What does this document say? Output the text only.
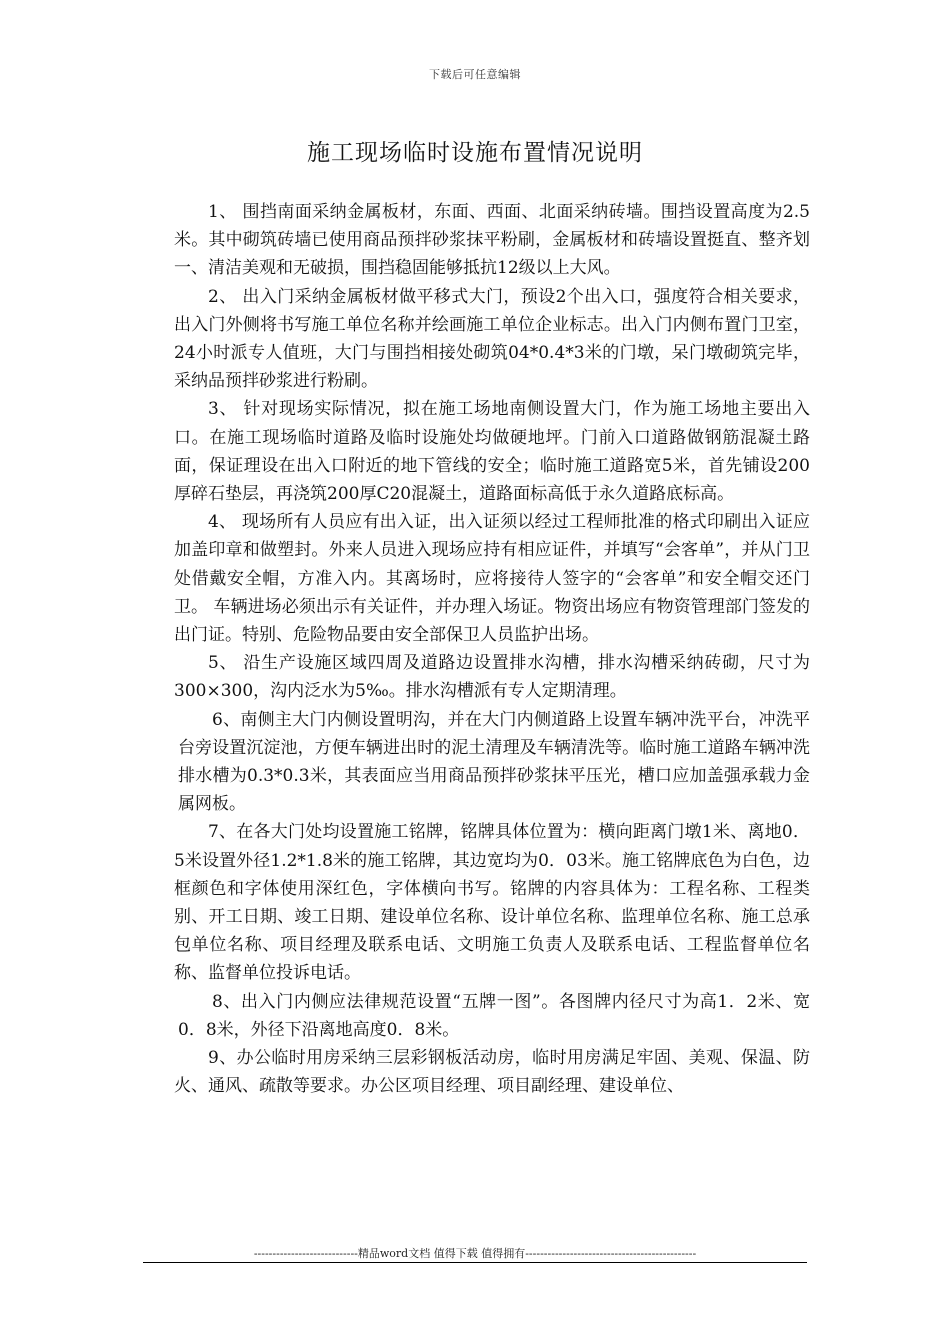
下载后可任意编辑
施工现场临时设施布置情况说明

1、 围挡南面采纳金属板材，东面、西面、北面采纳砖墙。围挡设置高度为2.5米。其中砌筑砖墙已使用商品预拌砂浆抹平粉刷，金属板材和砖墙设置挺直、整齐划一、清洁美观和无破损，围挡稳固能够抵抗12级以上大风。

2、 出入门采纳金属板材做平移式大门，预设2个出入口，强度符合相关要求，出入门外侧将书写施工单位名称并绘画施工单位企业标志。出入门内侧布置门卫室，24小时派专人值班，大门与围挡相接处砌筑04*0.4*3米的门墩，呆门墩砌筑完毕，采纳品预拌砂浆进行粉刷。

3、 针对现场实际情况，拟在施工场地南侧设置大门，作为施工场地主要出入口。在施工现场临时道路及临时设施处均做硬地坪。门前入口道路做钢筋混凝土路面，保证理设在出入口附近的地下管线的安全；临时施工道路宽5米，首先铺设200厚碎石垫层，再浇筑200厚C20混凝土，道路面标高低于永久道路底标高。

4、 现场所有人员应有出入证，出入证须以经过工程师批准的格式印刷出入证应加盖印章和做塑封。外来人员进入现场应持有相应证件，并填写“会客单”，并从门卫处借戴安全帽，方准入内。其离场时，应将接待人签字的“会客单”和安全帽交还门卫。 车辆进场必须出示有关证件，并办理入场证。物资出场应有物资管理部门签发的出门证。特别、危险物品要由安全部保卫人员监护出场。

5、 沿生产设施区域四周及道路边设置排水沟槽，排水沟槽采纳砖砌，尺寸为300×300，沟内泛水为5‰。排水沟槽派有专人定期清理。

6、南侧主大门内侧设置明沟，并在大门内侧道路上设置车辆冲洗平台，冲洗平台旁设置沉淀池，方便车辆进出时的泥土清理及车辆清洗等。临时施工道路车辆冲洗排水槽为0.3*0.3米，其表面应当用商品预拌砂浆抹平压光，槽口应加盖强承载力金属网板。

7、在各大门处均设置施工铭牌，铭牌具体位置为：横向距离门墩1米、离地0．5米设置外径1.2*1.8米的施工铭牌，其边宽均为0．03米。施工铭牌底色为白色，边框颜色和字体使用深红色，字体横向书写。铭牌的内容具体为：工程名称、工程类别、开工日期、竣工日期、建设单位名称、设计单位名称、监理单位名称、施工总承包单位名称、项目经理及联系电话、文明施工负责人及联系电话、工程监督单位名称、监督单位投诉电话。

8、出入门内侧应法律规范设置“五牌一图”。各图牌内径尺寸为高1．2米、宽0．8米，外径下沿离地高度0．8米。

9、办公临时用房采纳三层彩钢板活动房，临时用房满足牢固、美观、保温、防火、通风、疏散等要求。办公区项目经理、项目副经理、建设单位、

----------------------------精品word文档 值得下载 值得拥有----------------------------------------------
